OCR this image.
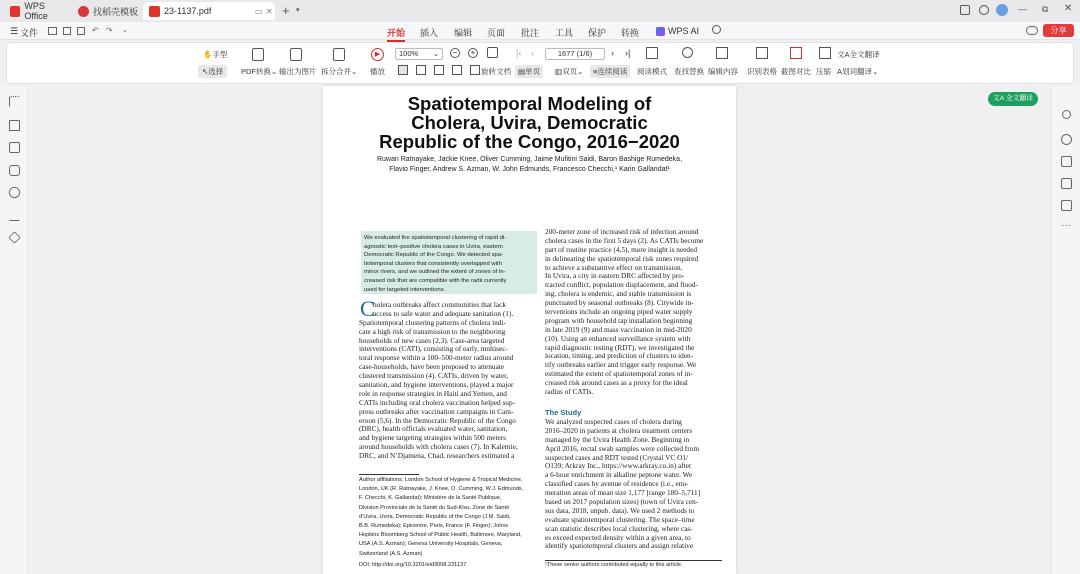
WPS Office	找稻壳模板	23-1137.pdf	▭ ✕ + ▾	— ⧉ ✕
☰ 文件	↶ ↷ ⌄	开始 插入 编辑 页面 批注 工具 保护 转换	WPS AI	分享
✋手型
↖选择	PDF转换⌄ 输出为图片 拆分合并⌄
▶
播放
100% ⌄	−	+
旋转文档
|‹ ‹	1677 (1/6)	› ›|
▤单页	▥双页⌄	≡连续阅读	阅读模式 查找替换 编辑内容 识别表格 截图对比 压缩
文A全文翻译
A划词翻译⌄
···
文A 全文翻译
Spatiotemporal Modeling of
Cholera, Uvira, Democratic
Republic of the Congo, 2016−2020
Ruwan Ratnayake, Jackie Knee, Oliver Cumming, Jaime Mufitini Saidi, Baron Bashige Rumedeka,
Flavio Finger, Andrew S. Azman, W. John Edmunds, Francesco Checchi,¹ Karin Gallandat¹
We evaluated the spatiotemporal clustering of rapid di-
agnostic test–positive cholera cases in Uvira, eastern
Democratic Republic of the Congo. We detected spa-
tiotemporal clusters that consistently overlapped with
minor rivers, and we outlined the extent of zones of in-
creased risk that are compatible with the radii currently
used for targeted interventions.
C
holera outbreaks affect communities that lack
access to safe water and adequate sanitation (1).
Spatiotemporal clustering patterns of cholera indi-
cate a high risk of transmission to the neighboring
households of new cases (2,3). Case-area targeted
interventions (CATI), consisting of early, multisec-
toral response within a 100–500-meter radius around
case-households, have been proposed to attenuate
clustered transmission (4). CATIs, driven by water,
sanitation, and hygiene interventions, played a major
role in response strategies in Haiti and Yemen, and
CATIs including oral cholera vaccination helped sup-
press outbreaks after vaccination campaigns in Cam-
eroon (5,6). In the Democratic Republic of the Congo
(DRC), health officials evaluated water, sanitation,
and hygiene targeting strategies within 500 meters
around households with cholera cases (7). In Kalemie,
DRC, and N’Djamena, Chad, researchers estimated a
Author affiliations: London School of Hygiene & Tropical Medicine,
London, UK (R. Ratnayake, J. Knee, O. Cumming, W.J. Edmunds,
F. Checchi, K. Gallandat); Ministère de la Santé Publique,
Division Provinciale de la Santé du Sud-Kivu, Zone de Santé
d’Uvira, Uvira, Democratic Republic of the Congo (J.M. Saidi,
B.B. Rumedeka); Epicentre, Paris, France (F. Finger); Johns
Hopkins Bloomberg School of Public Health, Baltimore, Maryland,
USA (A.S. Azman); Geneva University Hospitals, Geneva,
Switzerland (A.S. Azman)
DOI: http://doi.org/10.3201/eid3008.231137
200-meter zone of increased risk of infection around
cholera cases in the first 5 days (2). As CATIs become
part of routine practice (4,5), more insight is needed
in delineating the spatiotemporal risk zones required
to achieve a substantive effect on transmission.
In Uvira, a city in eastern DRC affected by pro-
tracted conflict, population displacement, and flood-
ing, cholera is endemic, and stable transmission is
punctuated by seasonal outbreaks (8). Citywide in-
terventions include an ongoing piped water supply
program with household tap installation beginning
in late 2019 (9) and mass vaccination in mid-2020
(10). Using an enhanced surveillance system with
rapid diagnostic testing (RDT), we investigated the
location, timing, and prediction of clusters to iden-
tify outbreaks earlier and trigger early response. We
estimated the extent of spatiotemporal zones of in-
creased risk around cases as a proxy for the ideal
radius of CATIs.
The Study
We analyzed suspected cases of cholera during
2016–2020 in patients at cholera treatment centers
managed by the Uvira Health Zone. Beginning in
April 2016, rectal swab samples were collected from
suspected cases and RDT tested (Crystal VC O1/
O139; Arkray Inc., https://www.arkray.co.in) after
a 6-hour enrichment in alkaline peptone water. We
classified cases by avenue of residence (i.e., enu-
meration areas of mean size 1,177 [range 180–5,711]
based on 2017 population sizes) (town of Uvira cen-
sus data, 2018, unpub. data). We used 2 methods to
evaluate spatiotemporal clustering. The space–time
scan statistic describes local clustering, where cas-
es exceed expected density within a given area, to
identify spatiotemporal clusters and assign relative
¹These senior authors contributed equally to this article.
